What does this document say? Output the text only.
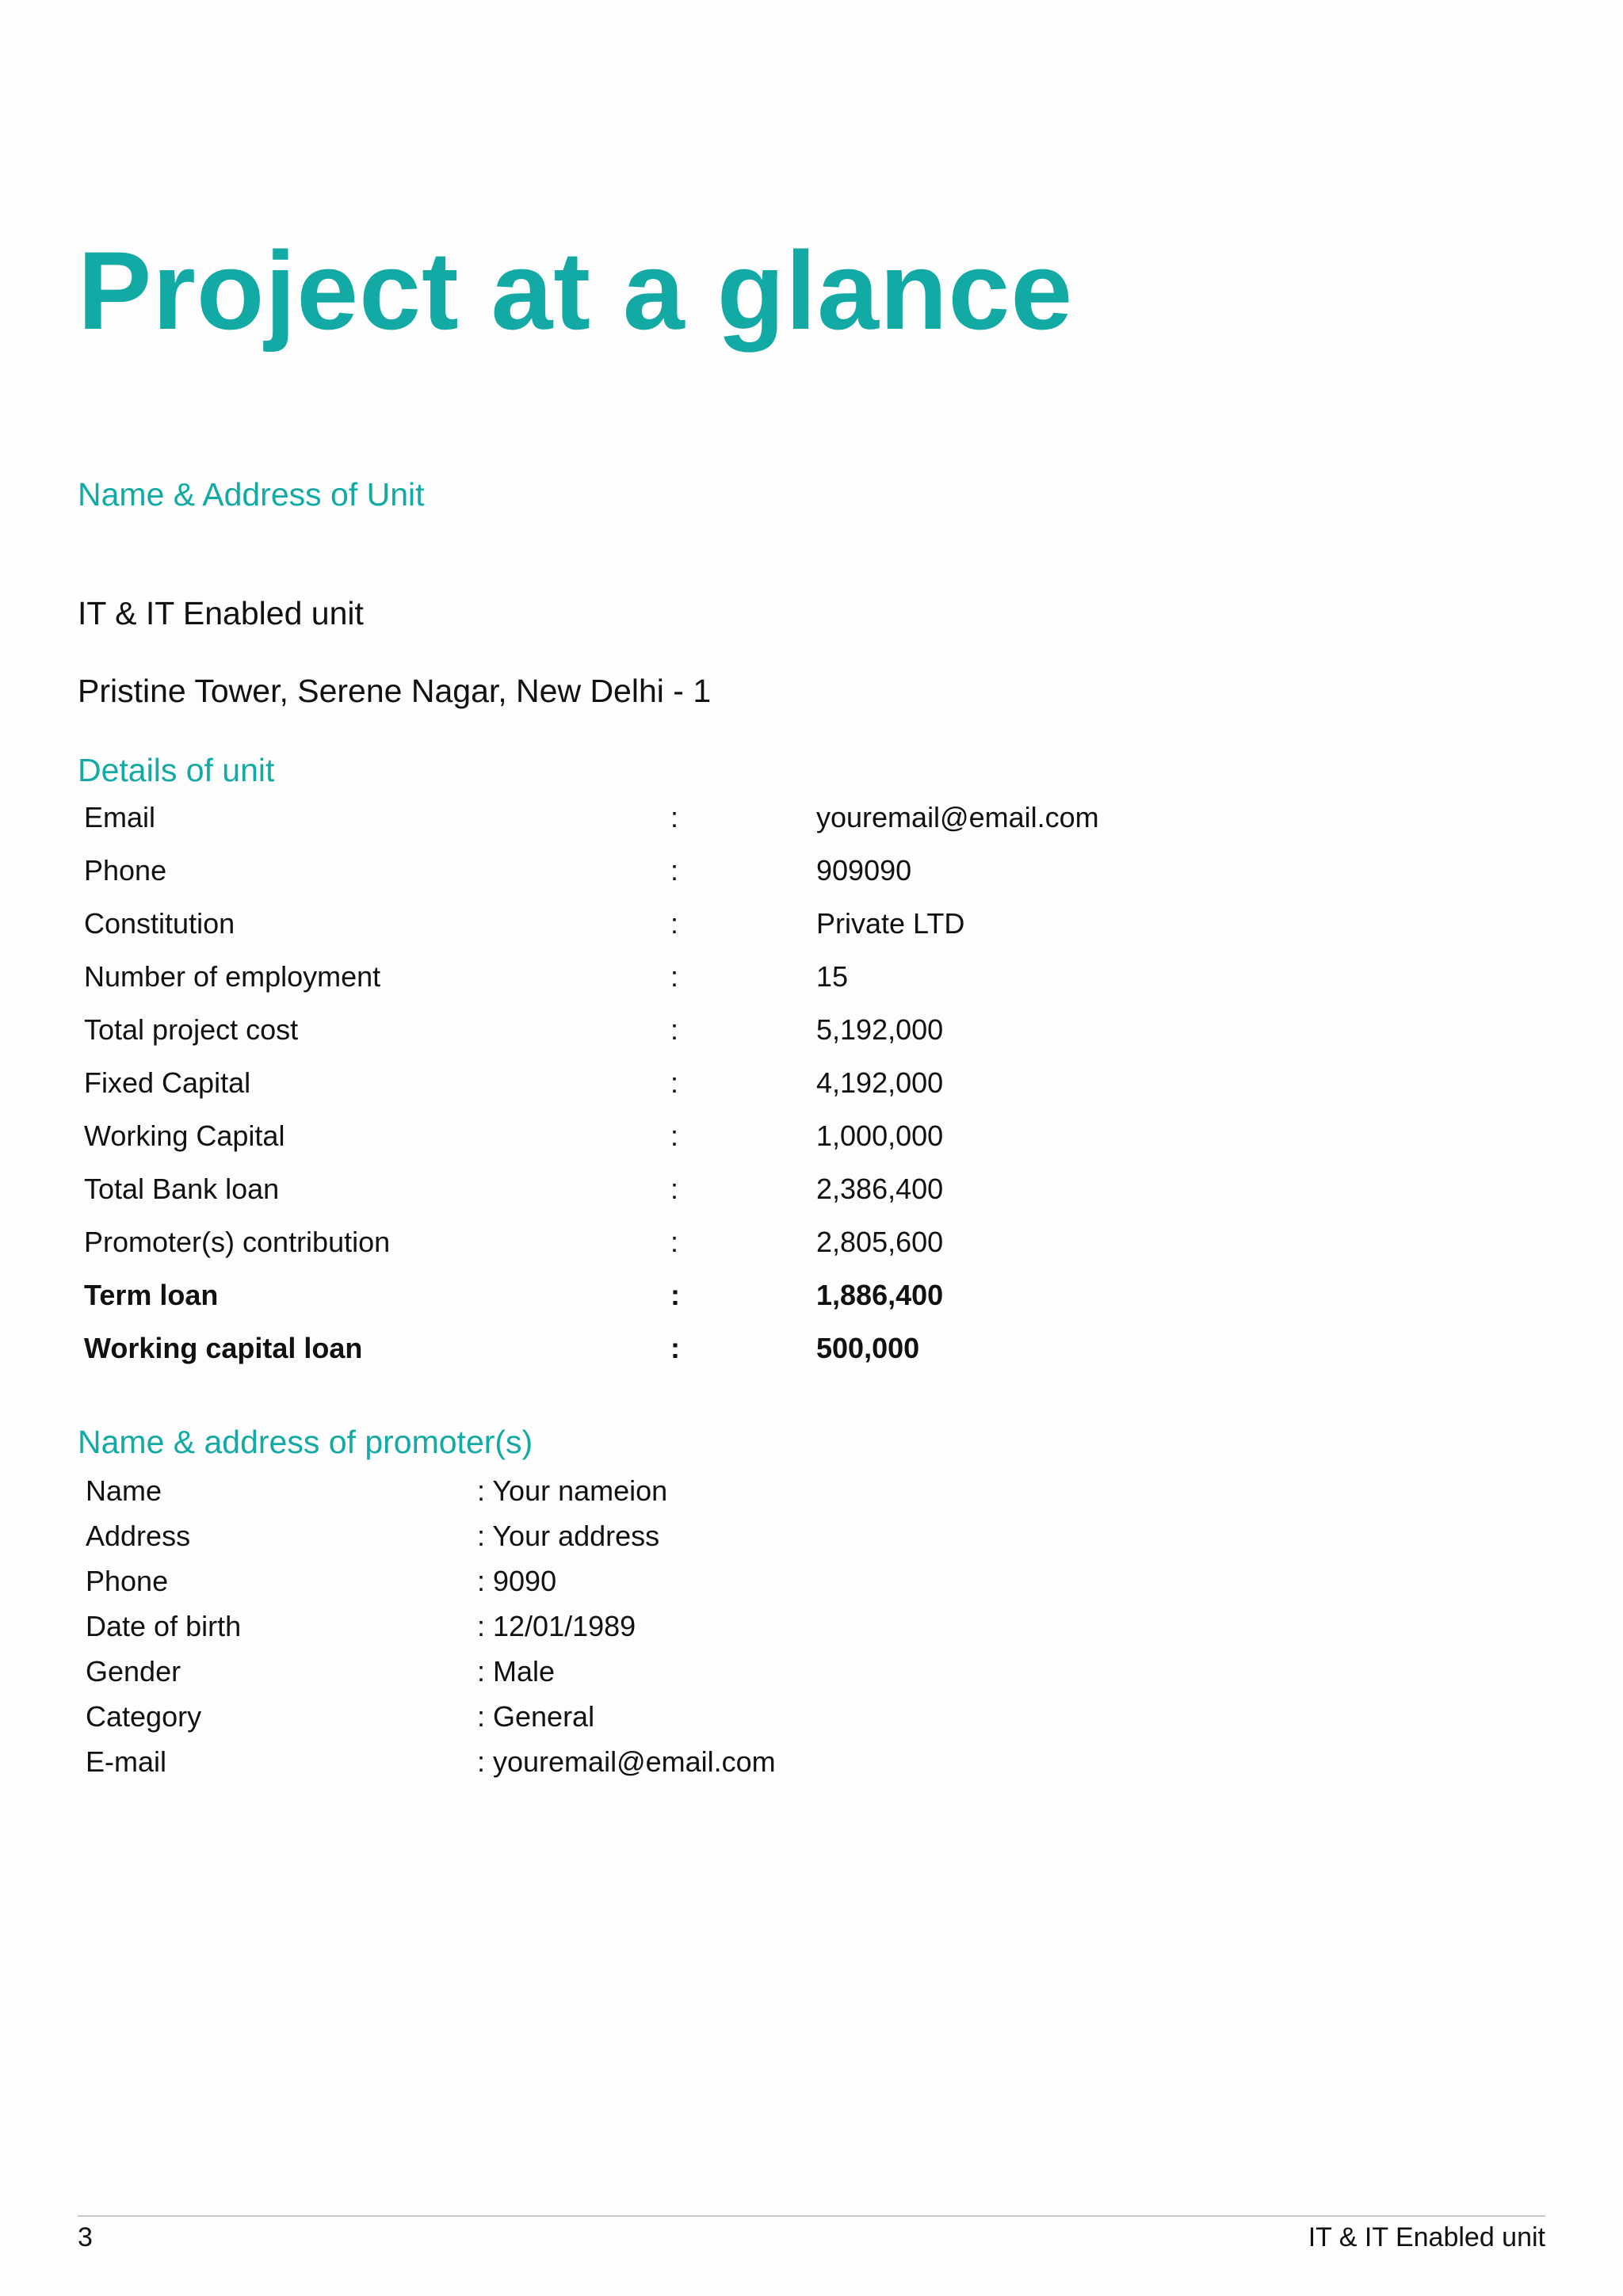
Project at a glance
Name & Address of Unit

IT & IT Enabled unit

Pristine Tower, Serene Nagar, New Delhi - 1

Details of unit
Email	:	youremail@email.com
Phone	:	909090
Constitution	:	Private LTD
Number of employment	:	15
Total project cost	:	5,192,000
Fixed Capital	:	4,192,000
Working Capital	:	1,000,000
Total Bank loan	:	2,386,400
Promoter(s) contribution	:	2,805,600
Term loan	:	1,886,400
Working capital loan	:	500,000
Name & address of promoter(s)
Name	: Your nameion
Address	: Your address
Phone	: 9090
Date of birth	: 12/01/1989
Gender	: Male
Category	: General
E-mail	: youremail@email.com
3	IT & IT Enabled unit
